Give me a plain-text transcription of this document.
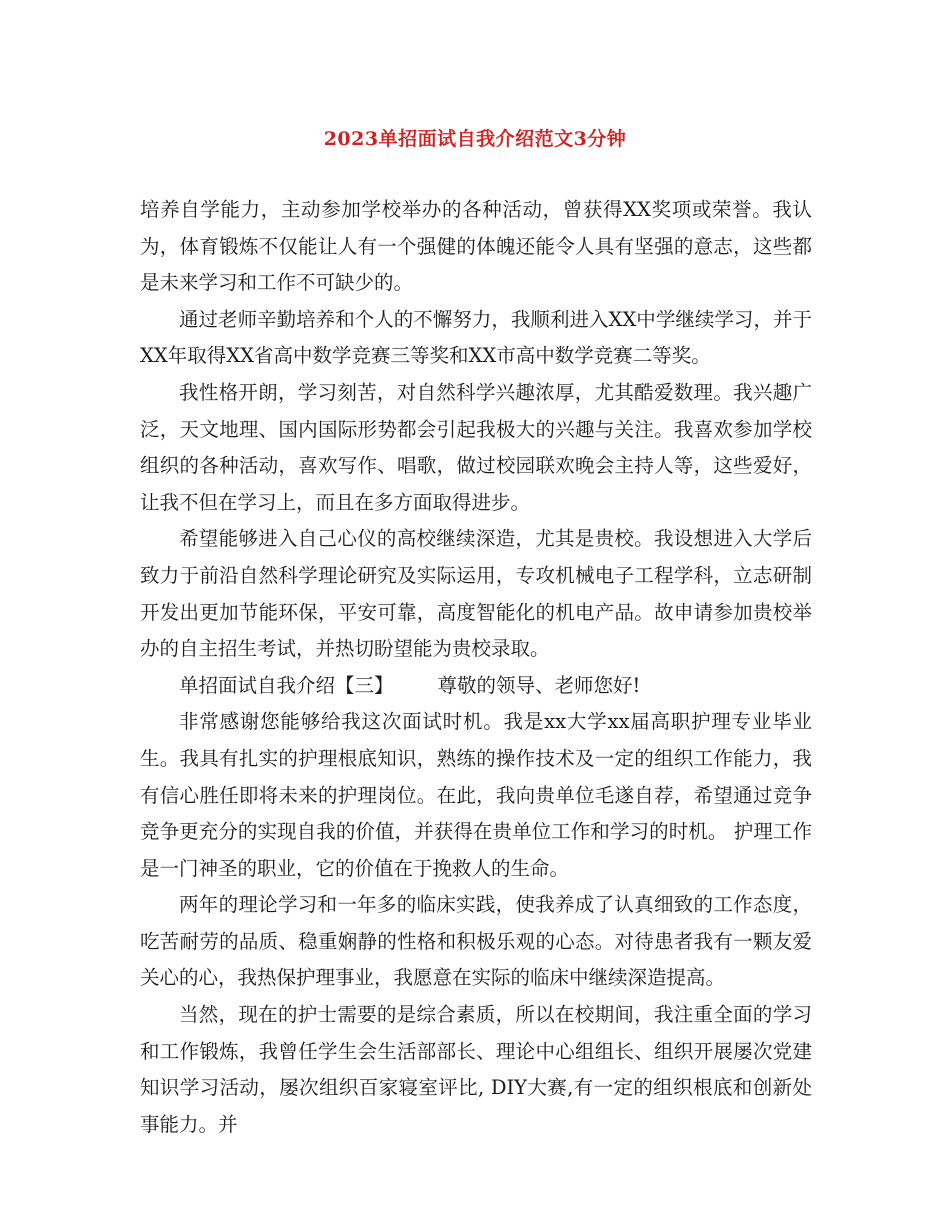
2023单招面试自我介绍范文3分钟

培养自学能力，主动参加学校举办的各种活动，曾获得XX奖项或荣誉。我认为，体育锻炼不仅能让人有一个强健的体魄还能令人具有坚强的意志，这些都是未来学习和工作不可缺少的。

通过老师辛勤培养和个人的不懈努力，我顺利进入XX中学继续学习，并于XX年取得XX省高中数学竞赛三等奖和XX市高中数学竞赛二等奖。

我性格开朗，学习刻苦，对自然科学兴趣浓厚，尤其酷爱数理。我兴趣广泛，天文地理、国内国际形势都会引起我极大的兴趣与关注。我喜欢参加学校组织的各种活动，喜欢写作、唱歌，做过校园联欢晚会主持人等，这些爱好，让我不但在学习上，而且在多方面取得进步。

希望能够进入自己心仪的高校继续深造，尤其是贵校。我设想进入大学后致力于前沿自然科学理论研究及实际运用，专攻机械电子工程学科，立志研制开发出更加节能环保，平安可靠，高度智能化的机电产品。故申请参加贵校举办的自主招生考试，并热切盼望能为贵校录取。

单招面试自我介绍【三】 尊敬的领导、老师您好!

非常感谢您能够给我这次面试时机。我是xx大学xx届高职护理专业毕业生。我具有扎实的护理根底知识，熟练的操作技术及一定的组织工作能力，我有信心胜任即将未来的护理岗位。在此，我向贵单位毛遂自荐，希望通过竞争竞争更充分的实现自我的价值，并获得在贵单位工作和学习的时机。 护理工作是一门神圣的职业，它的价值在于挽救人的生命。

两年的理论学习和一年多的临床实践，使我养成了认真细致的工作态度，吃苦耐劳的品质、稳重娴静的性格和积极乐观的心态。对待患者我有一颗友爱关心的心，我热保护理事业，我愿意在实际的临床中继续深造提高。

当然，现在的护士需要的是综合素质，所以在校期间，我注重全面的学习和工作锻炼，我曾任学生会生活部部长、理论中心组组长、组织开展屡次党建知识学习活动，屡次组织百家寝室评比, DIY大赛,有一定的组织根底和创新处事能力。并
